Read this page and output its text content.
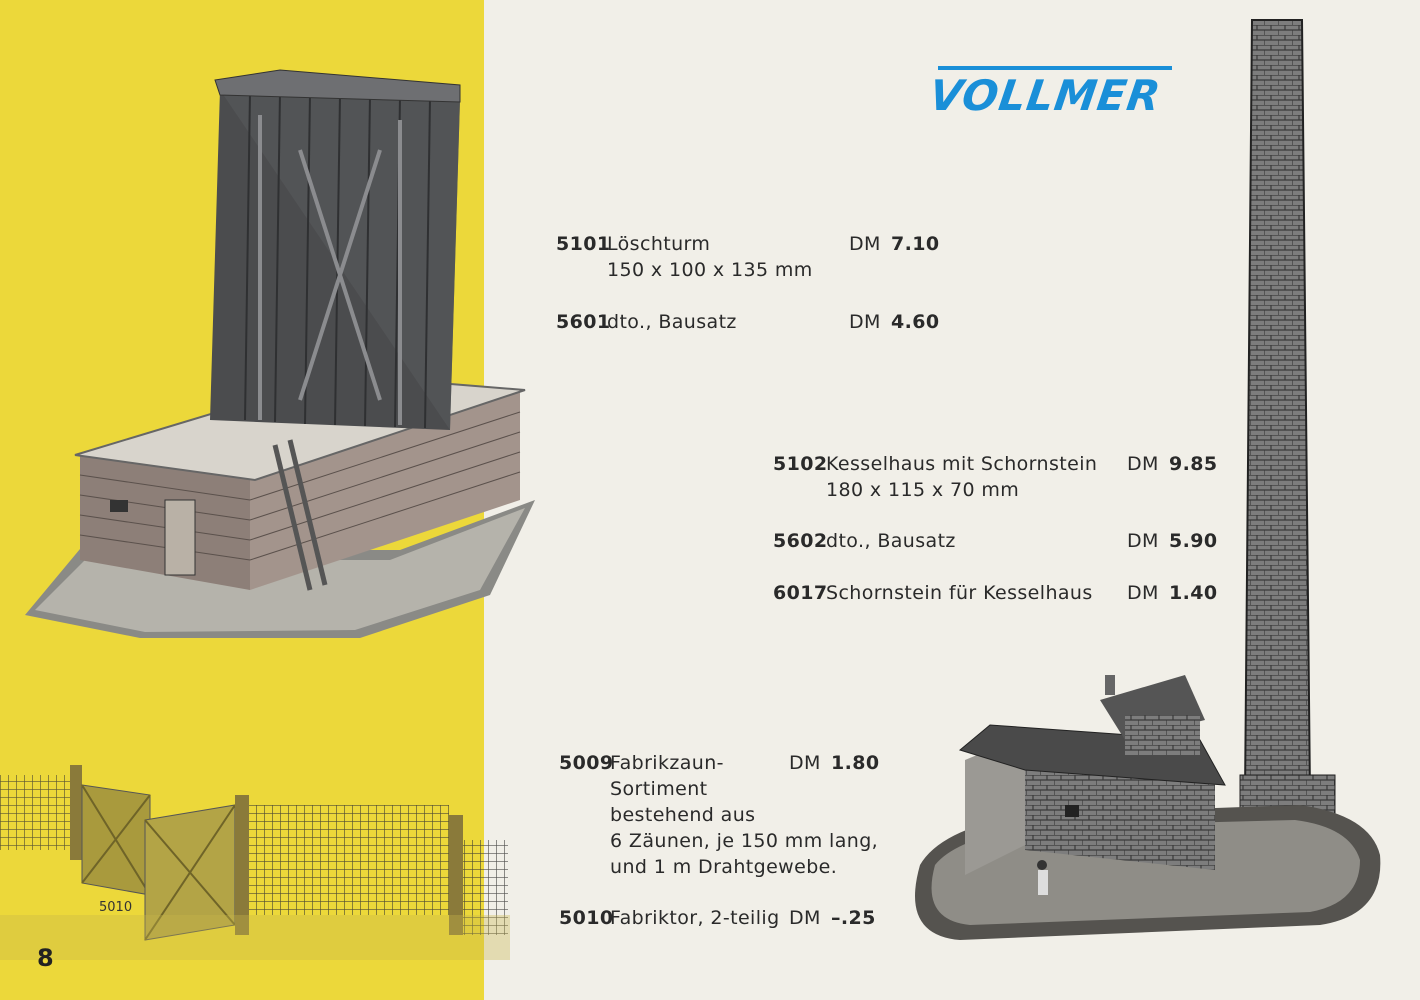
VOLLMER
5101
Löschturm
150 x 100 x 135 mm
DM 7.10
5601
dto., Bausatz	DM 4.60
5102
Kesselhaus mit Schornstein
180 x 115 x 70 mm
DM 9.85
5602
dto., Bausatz	DM 5.90
6017
Schornstein für Kesselhaus DM 1.40
5009
Fabrikzaun-
Sortiment
bestehend aus
6 Zäunen, je 150 mm lang,
und 1 m Drahtgewebe.
DM 1.80
5010
Fabriktor, 2-teilig DM –.25
5010
8
